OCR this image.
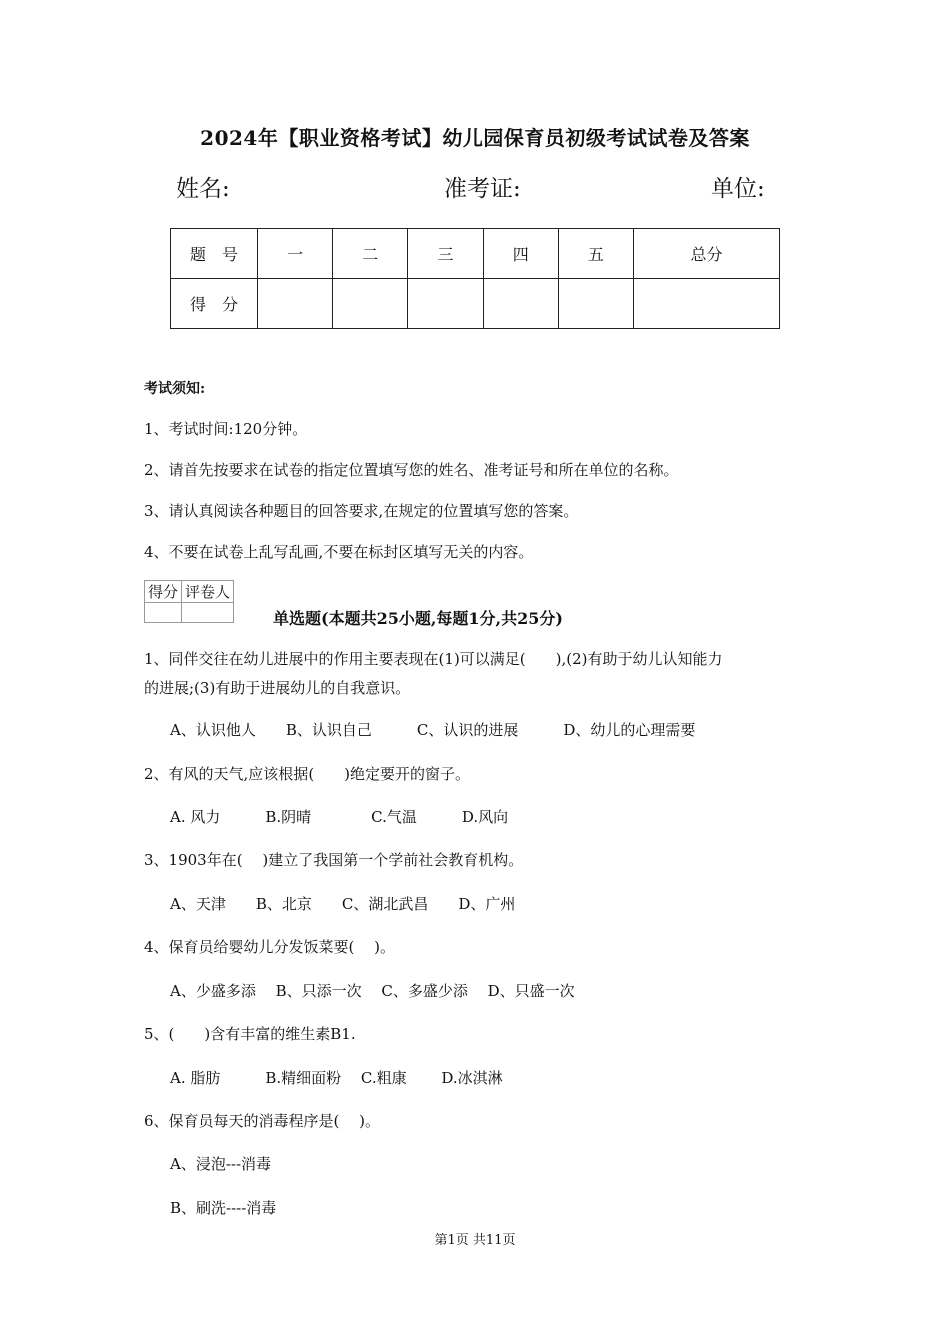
2024年【职业资格考试】幼儿园保育员初级考试试卷及答案
姓名:	准考证:	单位:
题　号	一	二	三	四	五	总分
得　分						
考试须知:
1、考试时间:120分钟。
2、请首先按要求在试卷的指定位置填写您的姓名、准考证号和所在单位的名称。
3、请认真阅读各种题目的回答要求,在规定的位置填写您的答案。
4、不要在试卷上乱写乱画,不要在标封区填写无关的内容。
得分	评卷人

单选题(本题共25小题,每题1分,共25分)
1、同伴交往在幼儿进展中的作用主要表现在(1)可以满足(　　),(2)有助于幼儿认知能力
的进展;(3)有助于进展幼儿的自我意识。
A、认识他人　　B、认识自己　　　C、认识的进展　　　D、幼儿的心理需要
2、有风的天气,应该根据(　　)绝定要开的窗子。
A. 风力　　　B.阴晴　　　　C.气温　　　D.风向
3、1903年在(　 )建立了我国第一个学前社会教育机构。
A、天津　　B、北京　　C、湖北武昌　　D、广州
4、保育员给婴幼儿分发饭菜要(　 )。
A、少盛多添　 B、只添一次　 C、多盛少添　 D、只盛一次
5、(　　)含有丰富的维生素B1.
A. 脂肪　　　B.精细面粉　 C.粗康　　 D.冰淇淋
6、保育员每天的消毒程序是(　 )。
A、浸泡---消毒
B、刷洗----消毒
第1页 共11页
